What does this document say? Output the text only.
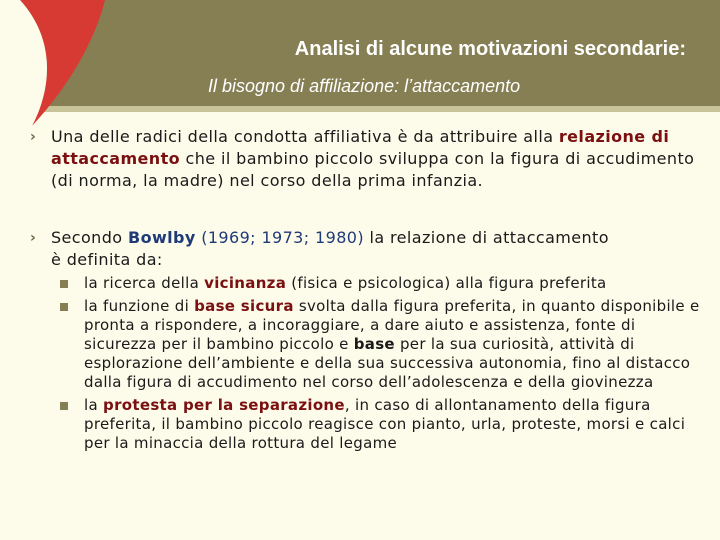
Analisi di alcune motivazioni secondarie:
Il bisogno di affiliazione: l’attaccamento
› Una delle radici della condotta affiliativa è da attribuire alla relazione di attaccamento che il bambino piccolo sviluppa con la figura di accudimento (di norma, la madre) nel corso della prima infanzia.
› Secondo Bowlby (1969; 1973; 1980) la relazione di attaccamento è definita da:
la ricerca della vicinanza (fisica e psicologica) alla figura preferita
la funzione di base sicura svolta dalla figura preferita, in quanto disponibile e pronta a rispondere, a incoraggiare, a dare aiuto e assistenza, fonte di sicurezza per il bambino piccolo e base per la sua curiosità, attività di esplorazione dell’ambiente e della sua successiva autonomia, fino al distacco dalla figura di accudimento nel corso dell’adolescenza e della giovinezza
la protesta per la separazione, in caso di allontanamento della figura preferita, il bambino piccolo reagisce con pianto, urla, proteste, morsi e calci per la minaccia della rottura del legame
